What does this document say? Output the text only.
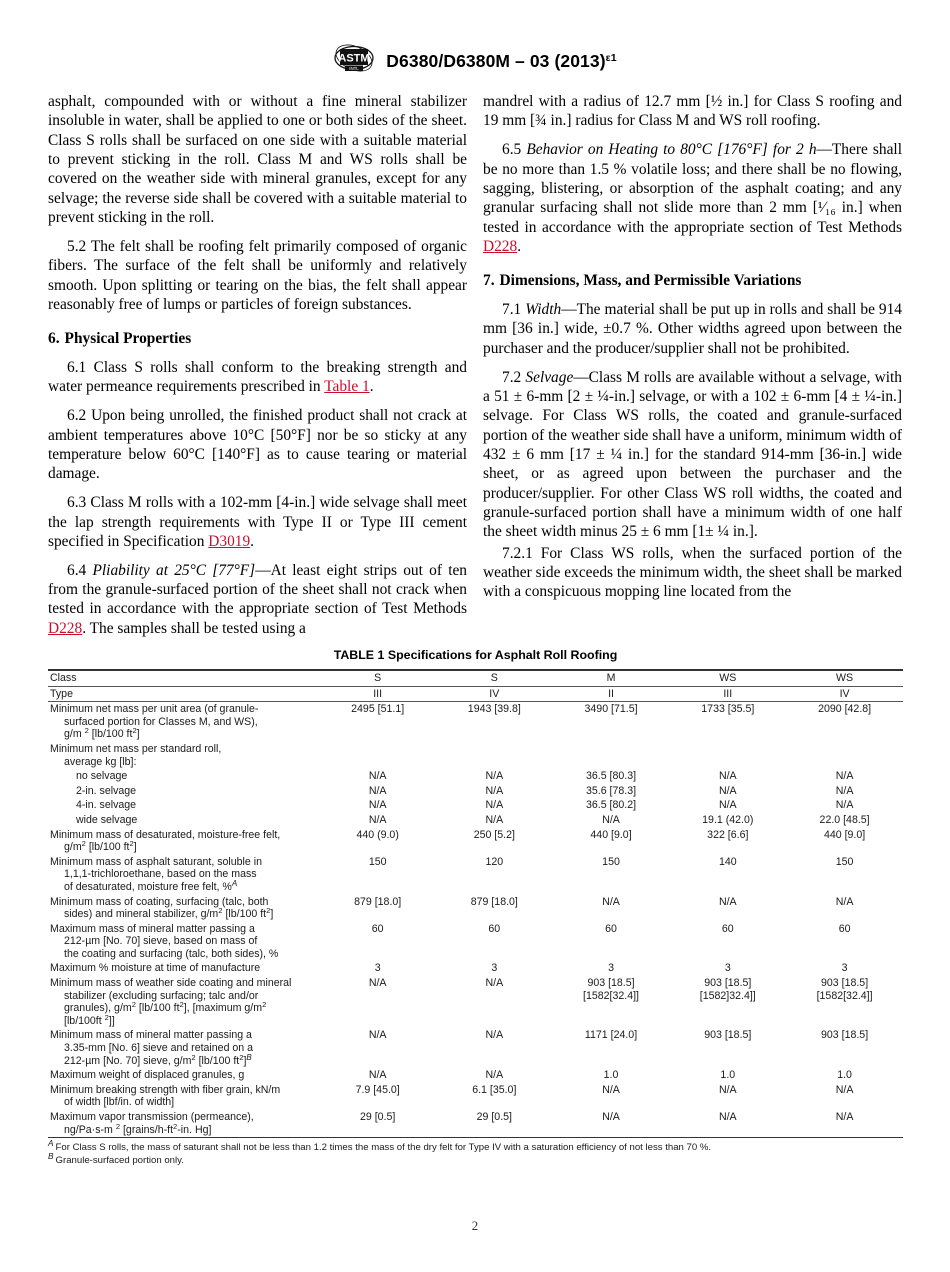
ASTM
INTL D6380/D6380M – 03 $(2013)^{\varepsilon 1}$

asphalt, compounded with or without a fine mineral stabilizer insoluble in water, shall be applied to one or both sides of the sheet. Class S rolls shall be surfaced on one side with a suitable material to prevent sticking in the roll. Class M and WS rolls shall be covered on the weather side with mineral granules, except for any selvage; the reverse side shall be covered with a suitable material to prevent sticking in the roll.

5.2 The felt shall be roofing felt primarily composed of organic fibers. The surface of the felt shall be uniformly and relatively smooth. Upon splitting or tearing on the bias, the felt shall appear reasonably free of lumps or particles of foreign substances.

6. Physical Properties

6.1 Class S rolls shall conform to the breaking strength and water permeance requirements prescribed in Table 1.

6.2 Upon being unrolled, the finished product shall not crack at ambient temperatures above 10°C [50°F] nor be so sticky at any temperature below 60°C [140°F] as to cause tearing or material damage.

6.3 Class M rolls with a 102-mm [4-in.] wide selvage shall meet the lap strength requirements with Type II or Type III cement specified in Specification D3019.

6.4 Pliability at 25°C [77°F]—At least eight strips out of ten from the granule-surfaced portion of the sheet shall not crack when tested in accordance with the appropriate section of Test Methods D228. The samples shall be tested using a

mandrel with a radius of 12.7 mm [½ in.] for Class S roofing and 19 mm [¾ in.] radius for Class M and WS roll roofing.

6.5 Behavior on Heating to 80°C [176°F] for 2 h—There shall be no more than 1.5 % volatile loss; and there shall be no flowing, sagging, blistering, or absorption of the asphalt coating; and any granular surfacing shall not slide more than 2 mm [¹⁄₁₆ in.] when tested in accordance with the appropriate section of Test Methods D228.

7. Dimensions, Mass, and Permissible Variations

7.1 Width—The material shall be put up in rolls and shall be 914 mm [36 in.] wide, ±0.7 %. Other widths agreed upon between the purchaser and the producer/supplier shall not be prohibited.

7.2 Selvage—Class M rolls are available without a selvage, with a 51 ± 6-mm [2 ± ¼-in.] selvage, or with a 102 ± 6-mm [4 ± ¼-in.] selvage. For Class WS rolls, the coated and granule-surfaced portion of the weather side shall have a uniform, minimum width of 432 ± 6 mm [17 ± ¼ in.] for the standard 914-mm [36-in.] wide sheet, or as agreed upon between the purchaser and the producer/supplier. For other Class WS roll widths, the coated and granule-surfaced portion shall have a minimum width of one half the sheet width minus 25 ± 6 mm [1± ¼ in.].

7.2.1 For Class WS rolls, when the surfaced portion of the weather side exceeds the minimum width, the sheet shall be marked with a conspicuous mopping line located from the

TABLE 1 Specifications for Asphalt Roll Roofing

Class	S	S	M	WS	WS

Type	III	IV	II	III	IV

Minimum net mass per unit area (of granule-
surfaced portion for Classes M, and WS),
g/m $^2$ [lb/100 $ft^2$]	2495 [51.1]	1943 [39.8]	3490 [71.5]	1733 [35.5]	2090 [42.8]

Minimum net mass per standard roll,
average kg [lb]:					

no selvage	N/A	N/A	36.5 [80.3]	N/A	N/A

2-in. selvage	N/A	N/A	35.6 [78.3]	N/A	N/A

4-in. selvage	N/A	N/A	36.5 [80.2]	N/A	N/A

wide selvage	N/A	N/A	N/A	19.1 (42.0)	22.0 [48.5]

Minimum mass of desaturated, moisture-free felt,
$g/m^2$ [lb/100 $ft^2$]	440 (9.0)	250 [5.2]	440 [9.0]	322 [6.6]	440 [9.0]

Minimum mass of asphalt saturant, soluble in
1,1,1-trichloroethane, based on the mass
of desaturated, moisture free felt, %$^A$	150	120	150	140	150

Minimum mass of coating, surfacing (talc, both
sides) and mineral stabilizer, $g/m^2$ [lb/100 $ft^2$]	879 [18.0]	879 [18.0]	N/A	N/A	N/A

Maximum mass of mineral matter passing a
212-µm [No. 70] sieve, based on mass of
the coating and surfacing (talc, both sides), %	60	60	60	60	60

Maximum % moisture at time of manufacture	3	3	3	3	3

Minimum mass of weather side coating and mineral
stabilizer (excluding surfacing; talc and/or
granules), $g/m^2$ [lb/100 $ft^2$], [maximum $g/m^2$
[lb/100ft $^2$]]	N/A	N/A	903 [18.5]
[1582[32.4]]	903 [18.5]
[1582]32.4]]	903 [18.5]
[1582[32.4]]

Minimum mass of mineral matter passing a
3.35-mm [No. 6] sieve and retained on a
212-µm [No. 70] sieve, $g/m^2$ [lb/100 $ft^2]^B$	N/A	N/A	1171 [24.0]	903 [18.5]	903 [18.5]

Maximum weight of displaced granules, g	N/A	N/A	1.0	1.0	1.0

Minimum breaking strength with fiber grain, kN/m
of width [lbf/in. of width]	7.9 [45.0]	6.1 [35.0]	N/A	N/A	N/A

Maximum vapor transmission (permeance),
ng/Pa·s-m $^2$ [$grains/h-ft^2-in$. Hg]	29 [0.5]	29 [0.5]	N/A	N/A	N/A

A For Class S rolls, the mass of saturant shall not be less than 1.2 times the mass of the dry felt for Type IV with a saturation efficiency of not less than 70 %.
B Granule-surfaced portion only.
2
